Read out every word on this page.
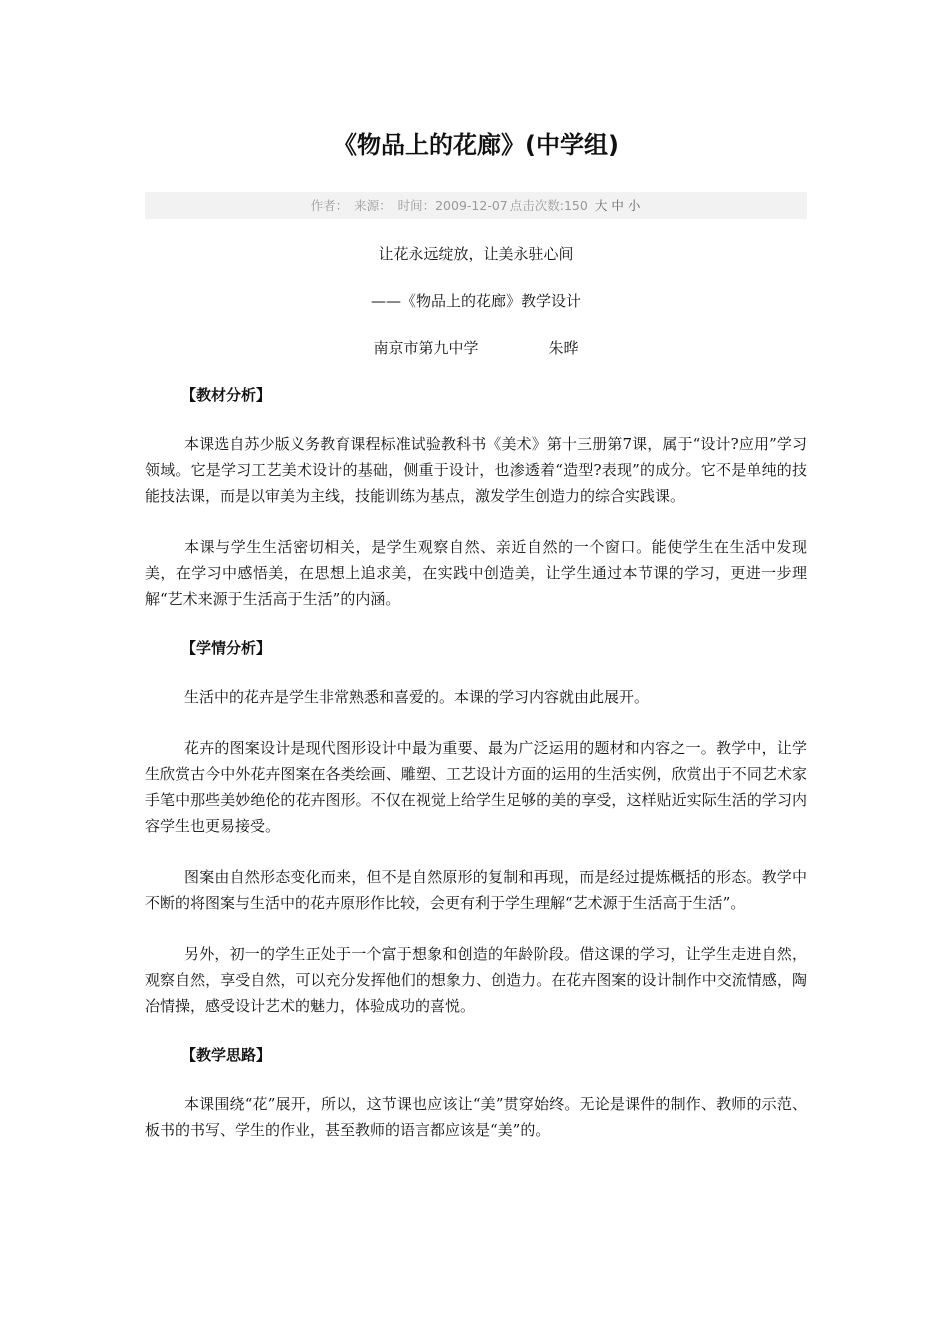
《物品上的花廊》(中学组)
作者： 来源： 时间：2009-12-07 点击次数:150 大 中 小

让花永远绽放，让美永驻心间

——《物品上的花廊》教学设计

南京市第九中学	朱晔

【教材分析】

本课选自苏少版义务教育课程标准试验教科书《美术》第十三册第7课，属于“设计?应用”学习领域。它是学习工艺美术设计的基础，侧重于设计，也渗透着“造型?表现”的成分。它不是单纯的技能技法课，而是以审美为主线，技能训练为基点，激发学生创造力的综合实践课。

本课与学生生活密切相关，是学生观察自然、亲近自然的一个窗口。能使学生在生活中发现美，在学习中感悟美，在思想上追求美，在实践中创造美，让学生通过本节课的学习，更进一步理解“艺术来源于生活高于生活”的内涵。

【学情分析】

生活中的花卉是学生非常熟悉和喜爱的。本课的学习内容就由此展开。

花卉的图案设计是现代图形设计中最为重要、最为广泛运用的题材和内容之一。教学中，让学生欣赏古今中外花卉图案在各类绘画、雕塑、工艺设计方面的运用的生活实例，欣赏出于不同艺术家手笔中那些美妙绝伦的花卉图形。不仅在视觉上给学生足够的美的享受，这样贴近实际生活的学习内容学生也更易接受。

图案由自然形态变化而来，但不是自然原形的复制和再现，而是经过提炼概括的形态。教学中不断的将图案与生活中的花卉原形作比较，会更有利于学生理解“艺术源于生活高于生活”。

另外，初一的学生正处于一个富于想象和创造的年龄阶段。借这课的学习，让学生走进自然，观察自然，享受自然，可以充分发挥他们的想象力、创造力。在花卉图案的设计制作中交流情感，陶冶情操，感受设计艺术的魅力，体验成功的喜悦。

【教学思路】

本课围绕“花”展开，所以，这节课也应该让“美”贯穿始终。无论是课件的制作、教师的示范、板书的书写、学生的作业，甚至教师的语言都应该是“美”的。
